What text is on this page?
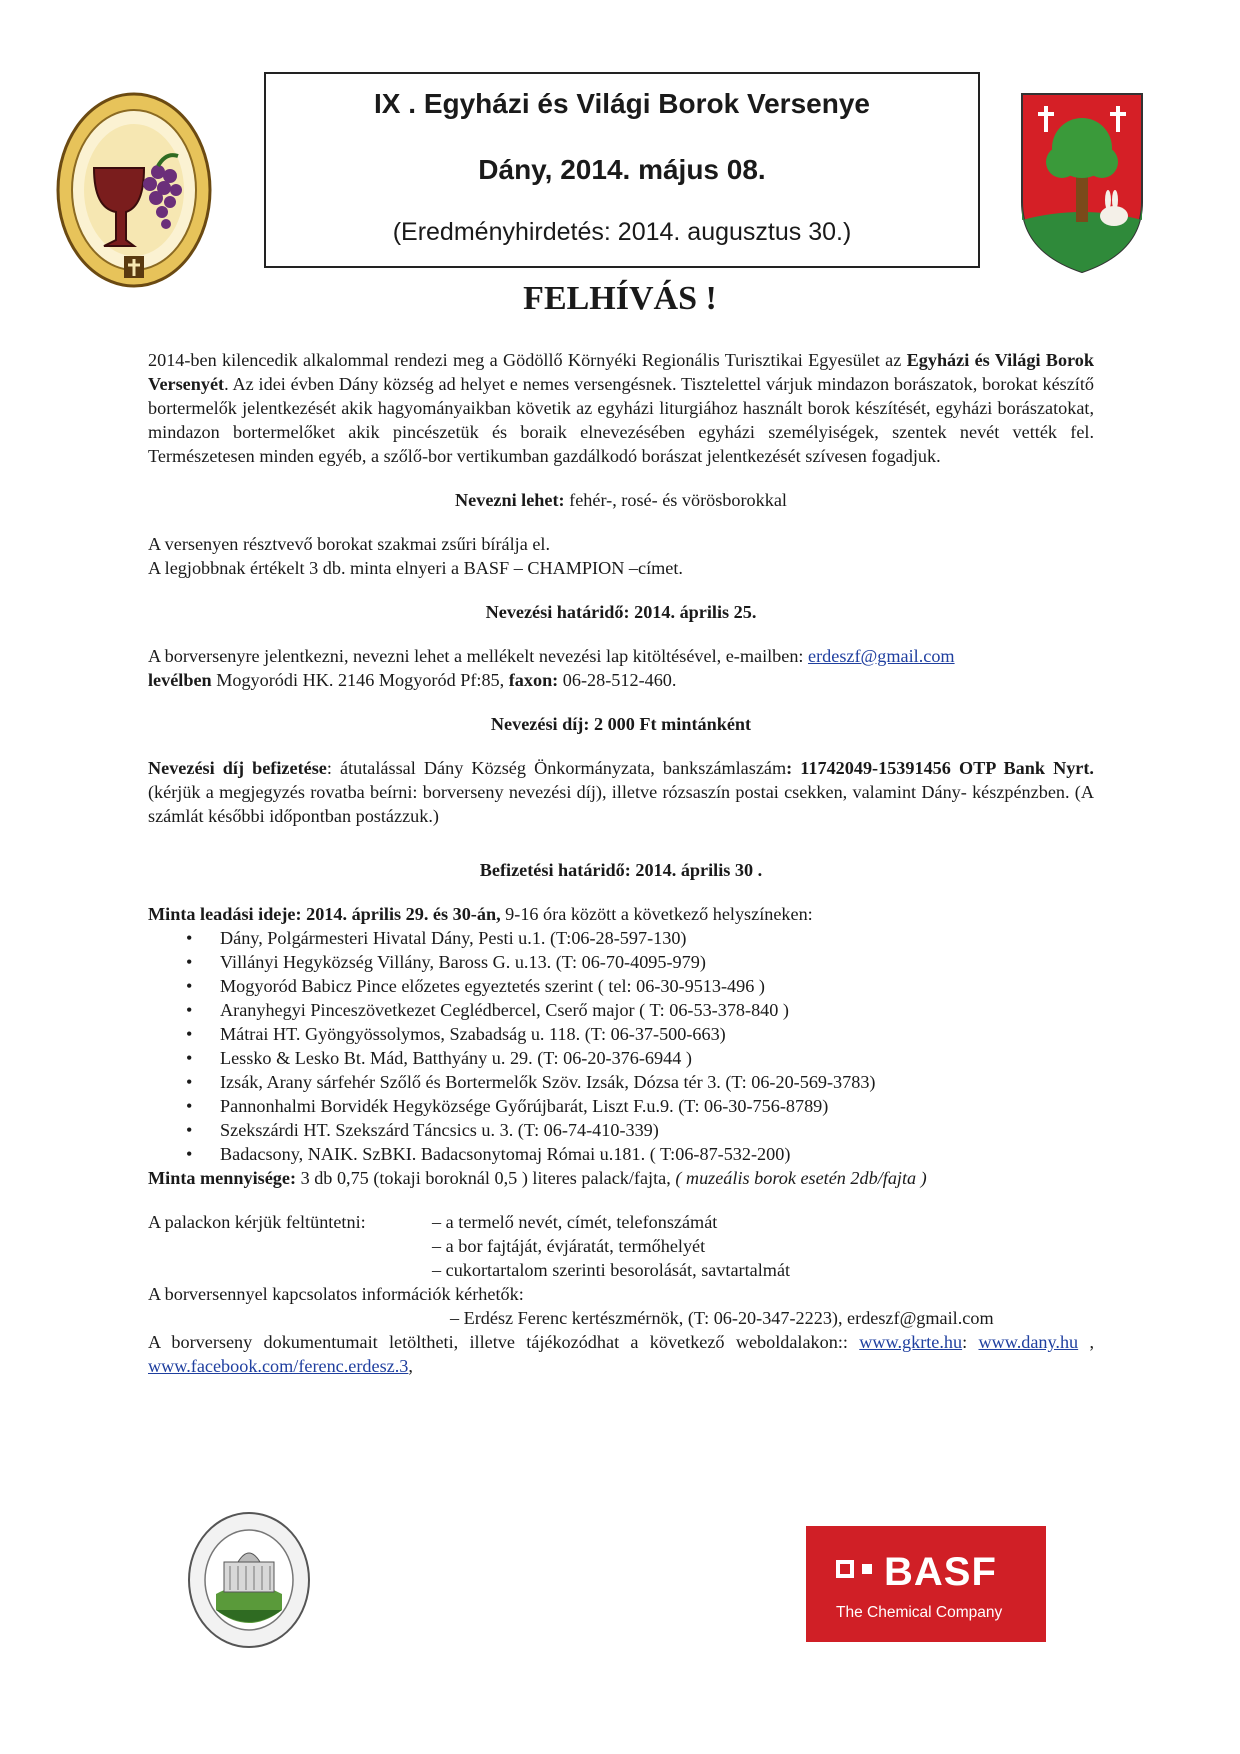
IX . Egyházi és Világi Borok Versenye
Dány, 2014. május 08.
(Eredményhirdetés: 2014. augusztus 30.)
FELHÍVÁS !

2014-ben kilencedik alkalommal rendezi meg a Gödöllő Környéki Regionális Turisztikai Egyesület az Egyházi és Világi Borok Versenyét. Az idei évben Dány község ad helyet e nemes versengésnek. Tisztelettel várjuk mindazon borászatok, borokat készítő bortermelők jelentkezését akik hagyományaikban követik az egyházi liturgiához használt borok készítését, egyházi borászatokat, mindazon bortermelőket akik pincészetük és boraik elnevezésében egyházi személyiségek, szentek nevét vették fel. Természetesen minden egyéb, a szőlő-bor vertikumban gazdálkodó borászat jelentkezését szívesen fogadjuk.

Nevezni lehet: fehér-, rosé- és vörösborokkal

A versenyen résztvevő borokat szakmai zsűri bírálja el.

A legjobbnak értékelt 3 db. minta elnyeri a BASF – CHAMPION –címet.

Nevezési határidő: 2014. április 25.

A borversenyre jelentkezni, nevezni lehet a mellékelt nevezési lap kitöltésével, e-mailben: erdeszf@gmail.com
levélben Mogyoródi HK. 2146 Mogyoród Pf:85, faxon: 06-28-512-460.

Nevezési díj: 2 000 Ft mintánként

Nevezési díj befizetése: átutalással Dány Község Önkormányzata, bankszámlaszám: 11742049-15391456 OTP Bank Nyrt. (kérjük a megjegyzés rovatba beírni: borverseny nevezési díj), illetve rózsaszín postai csekken, valamint Dány- készpénzben. (A számlát későbbi időpontban postázzuk.)

Befizetési határidő: 2014. április 30 .

Minta leadási ideje: 2014. április 29. és 30-án, 9-16 óra között a következő helyszíneken:

• Dány, Polgármesteri Hivatal Dány, Pesti u.1. (T:06-28-597-130)
• Villányi Hegyközség Villány, Baross G. u.13. (T: 06-70-4095-979)
• Mogyoród Babicz Pince előzetes egyeztetés szerint ( tel: 06-30-9513-496 )
• Aranyhegyi Pinceszövetkezet Ceglédbercel, Cserő major ( T: 06-53-378-840 )
• Mátrai HT. Gyöngyössolymos, Szabadság u. 118. (T: 06-37-500-663)
• Lessko & Lesko Bt. Mád, Batthyány u. 29. (T: 06-20-376-6944 )
• Izsák, Arany sárfehér Szőlő és Bortermelők Szöv. Izsák, Dózsa tér 3. (T: 06-20-569-3783)
• Pannonhalmi Borvidék Hegyközsége Győrújbarát, Liszt F.u.9. (T: 06-30-756-8789)
• Szekszárdi HT. Szekszárd Táncsics u. 3. (T: 06-74-410-339)
• Badacsony, NAIK. SzBKI. Badacsonytomaj Római u.181. ( T:06-87-532-200)

Minta mennyisége: 3 db 0,75 (tokaji boroknál 0,5 ) literes palack/fajta, ( muzeális borok esetén 2db/fajta )

A palackon kérjük feltüntetni:	– a termelő nevét, címét, telefonszámát
– a bor fajtáját, évjáratát, termőhelyét
– cukortartalom szerinti besorolását, savtartalmát

A borversennyel kapcsolatos információk kérhetők:

– Erdész Ferenc kertészmérnök, (T: 06-20-347-2223), erdeszf@gmail.com

A borverseny dokumentumait letöltheti, illetve tájékozódhat a következő weboldalakon:: www.gkrte.hu: www.dany.hu , www.facebook.com/ferenc.erdesz.3,

BASF
The Chemical Company
